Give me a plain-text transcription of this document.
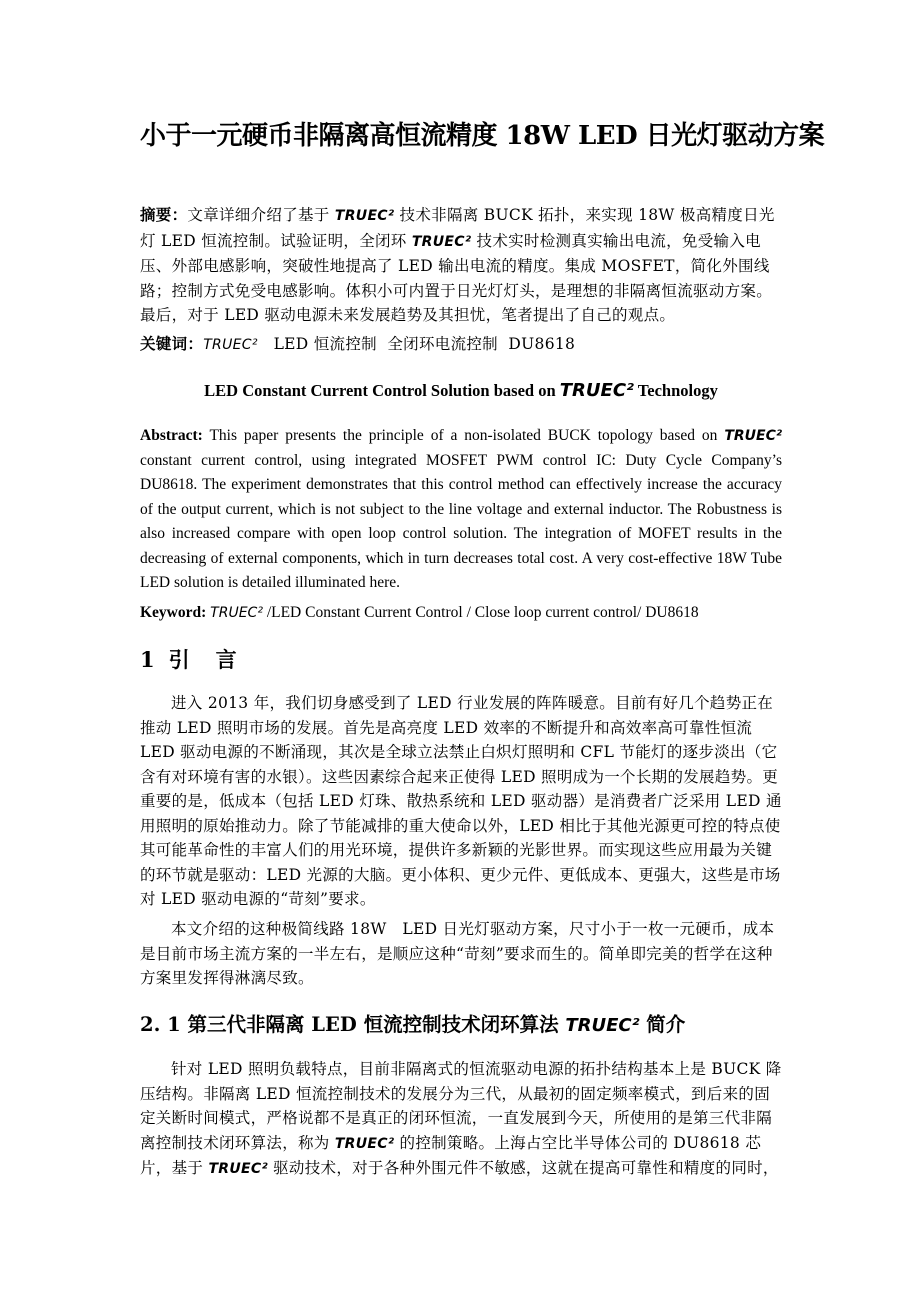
小于一元硬币非隔离高恒流精度 18W LED 日光灯驱动方案
摘要：文章详细介绍了基于 TRUEC² 技术非隔离 BUCK 拓扑，来实现 18W 极高精度日光灯 LED 恒流控制。试验证明，全闭环 TRUEC² 技术实时检测真实输出电流，免受输入电压、外部电感影响，突破性地提高了 LED 输出电流的精度。集成 MOSFET，简化外围线路；控制方式免受电感影响。体积小可内置于日光灯灯头，是理想的非隔离恒流驱动方案。最后，对于 LED 驱动电源未来发展趋势及其担忧，笔者提出了自己的观点。
关键词：TRUEC²　LED 恒流控制  全闭环电流控制  DU8618
LED Constant Current Control Solution based on TRUEC² Technology
Abstract: This paper presents the principle of a non-isolated BUCK topology based on TRUEC² constant current control, using integrated MOSFET PWM control IC: Duty Cycle Company’s DU8618. The experiment demonstrates that this control method can effectively increase the accuracy of the output current, which is not subject to the line voltage and external inductor. The Robustness is also increased compare with open loop control solution. The integration of MOFET results in the decreasing of external components, which in turn decreases total cost. A very cost-effective 18W Tube LED solution is detailed illuminated here.
Keyword: TRUEC² /LED Constant Current Control / Close loop current control/ DU8618
1 引 言

进入 2013 年，我们切身感受到了 LED 行业发展的阵阵暖意。目前有好几个趋势正在推动 LED 照明市场的发展。首先是高亮度 LED 效率的不断提升和高效率高可靠性恒流 LED 驱动电源的不断涌现，其次是全球立法禁止白炽灯照明和 CFL 节能灯的逐步淡出（它含有对环境有害的水银）。这些因素综合起来正使得 LED 照明成为一个长期的发展趋势。更重要的是，低成本（包括 LED 灯珠、散热系统和 LED 驱动器）是消费者广泛采用 LED 通用照明的原始推动力。除了节能减排的重大使命以外，LED 相比于其他光源更可控的特点使其可能革命性的丰富人们的用光环境，提供许多新颖的光影世界。而实现这些应用最为关键的环节就是驱动：LED 光源的大脑。更小体积、更少元件、更低成本、更强大，这些是市场对 LED 驱动电源的“苛刻”要求。

本文介绍的这种极简线路 18W　LED 日光灯驱动方案，尺寸小于一枚一元硬币，成本是目前市场主流方案的一半左右，是顺应这种“苛刻”要求而生的。简单即完美的哲学在这种方案里发挥得淋漓尽致。

2. 1 第三代非隔离 LED 恒流控制技术闭环算法 TRUEC² 简介

针对 LED 照明负载特点，目前非隔离式的恒流驱动电源的拓扑结构基本上是 BUCK 降压结构。非隔离 LED 恒流控制技术的发展分为三代，从最初的固定频率模式，到后来的固定关断时间模式，严格说都不是真正的闭环恒流，一直发展到今天，所使用的是第三代非隔离控制技术闭环算法，称为 TRUEC² 的控制策略。上海占空比半导体公司的 DU8618 芯片，基于 TRUEC² 驱动技术，对于各种外围元件不敏感，这就在提高可靠性和精度的同时，
